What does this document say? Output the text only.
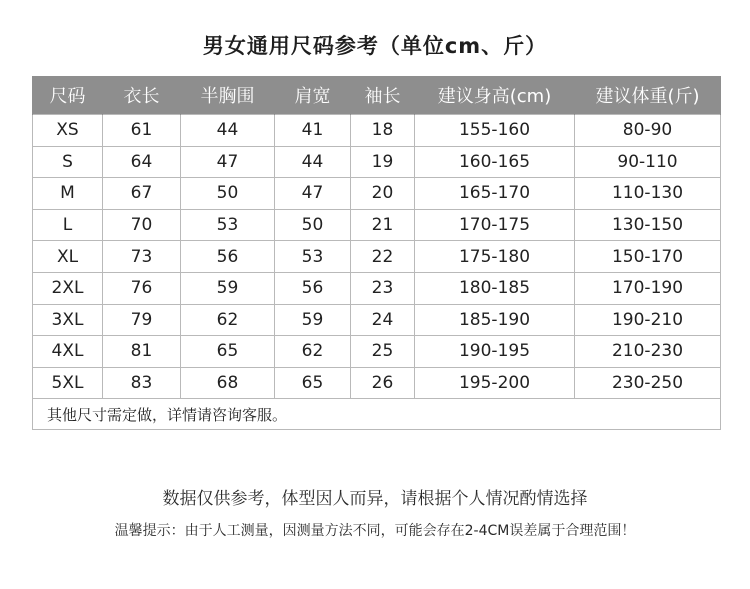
男女通用尺码参考（单位cm、斤）
尺码	衣长	半胸围	肩宽	袖长	建议身高(cm)	建议体重(斤)
XS	61	44	41	18	155-160	80-90
S	64	47	44	19	160-165	90-110
M	67	50	47	20	165-170	110-130
L	70	53	50	21	170-175	130-150
XL	73	56	53	22	175-180	150-170
2XL	76	59	56	23	180-185	170-190
3XL	79	62	59	24	185-190	190-210
4XL	81	65	62	25	190-195	210-230
5XL	83	68	65	26	195-200	230-250
其他尺寸需定做，详情请咨询客服。						
数据仅供参考，体型因人而异，请根据个人情况酌情选择
温馨提示：由于人工测量，因测量方法不同，可能会存在2-4CM误差属于合理范围！
